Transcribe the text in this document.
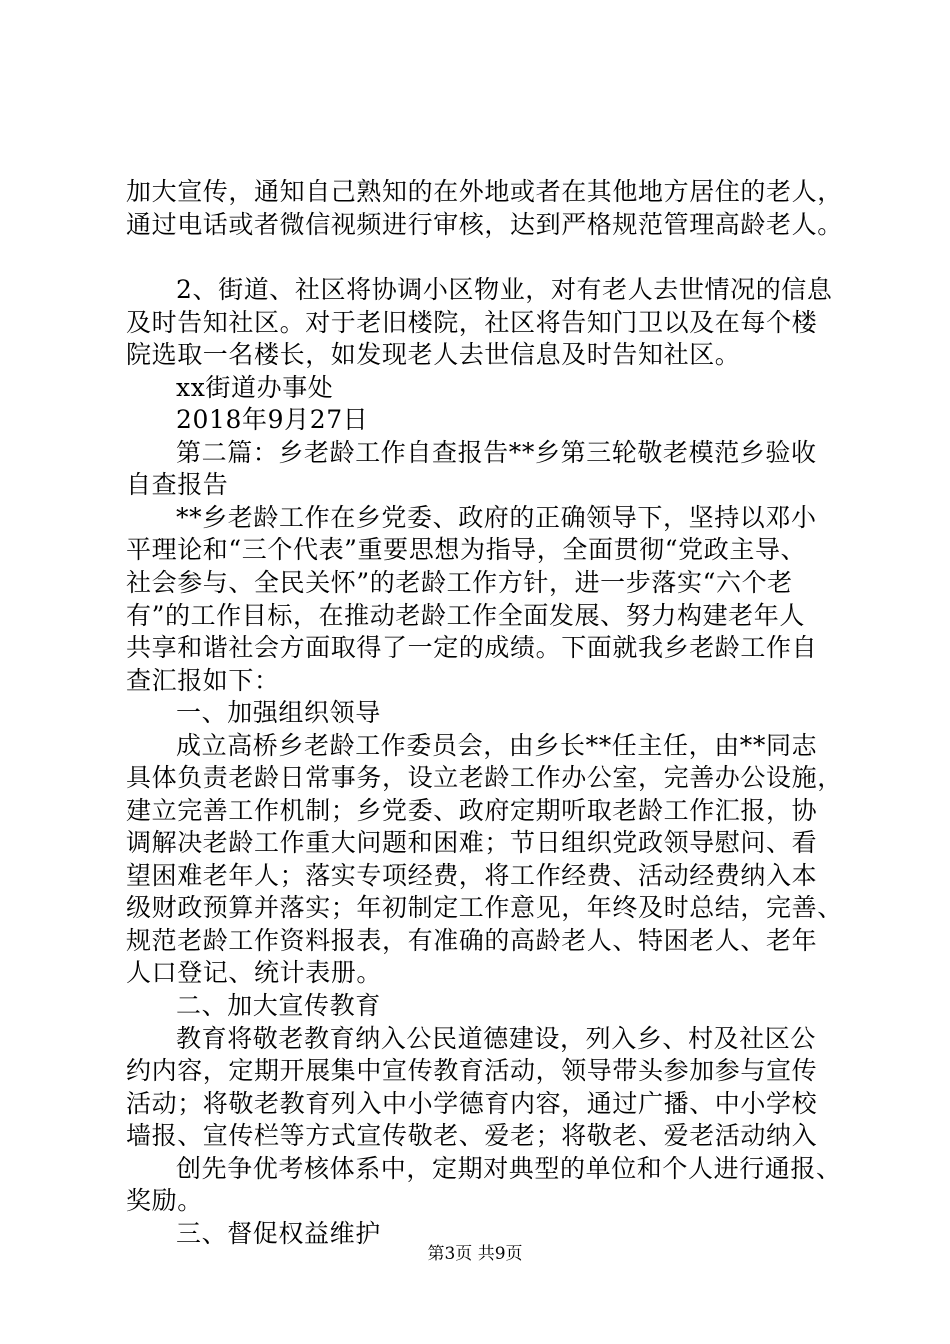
加大宣传，通知自己熟知的在外地或者在其他地方居住的老人，
通过电话或者微信视频进行审核，达到严格规范管理高龄老人。
2、街道、社区将协调小区物业，对有老人去世情况的信息
及时告知社区。对于老旧楼院，社区将告知门卫以及在每个楼
院选取一名楼长，如发现老人去世信息及时告知社区。
xx街道办事处
2018年9月27日
第二篇：乡老龄工作自查报告**乡第三轮敬老模范乡验收
自查报告
**乡老龄工作在乡党委、政府的正确领导下，坚持以邓小
平理论和“三个代表”重要思想为指导，全面贯彻“党政主导、
社会参与、全民关怀”的老龄工作方针，进一步落实“六个老
有”的工作目标，在推动老龄工作全面发展、努力构建老年人
共享和谐社会方面取得了一定的成绩。下面就我乡老龄工作自
查汇报如下：
一、加强组织领导
成立高桥乡老龄工作委员会，由乡长**任主任，由**同志
具体负责老龄日常事务，设立老龄工作办公室，完善办公设施，
建立完善工作机制；乡党委、政府定期听取老龄工作汇报，协
调解决老龄工作重大问题和困难；节日组织党政领导慰问、看
望困难老年人；落实专项经费，将工作经费、活动经费纳入本
级财政预算并落实；年初制定工作意见，年终及时总结，完善、
规范老龄工作资料报表，有准确的高龄老人、特困老人、老年
人口登记、统计表册。
二、加大宣传教育
教育将敬老教育纳入公民道德建设，列入乡、村及社区公
约内容，定期开展集中宣传教育活动，领导带头参加参与宣传
活动；将敬老教育列入中小学德育内容，通过广播、中小学校
墙报、宣传栏等方式宣传敬老、爱老；将敬老、爱老活动纳入
创先争优考核体系中，定期对典型的单位和个人进行通报、
奖励。
三、督促权益维护
第3页 共9页
